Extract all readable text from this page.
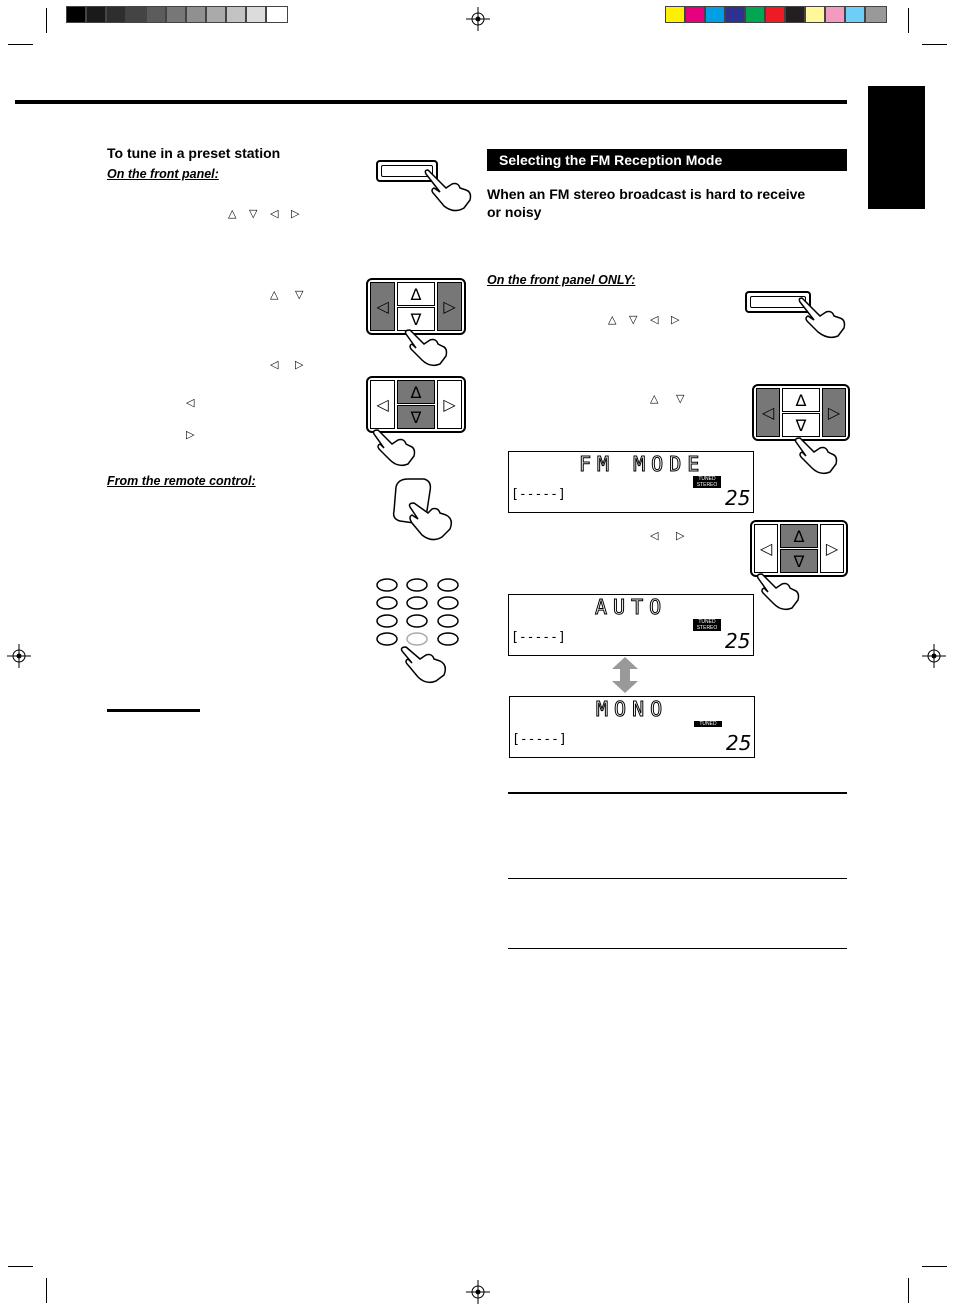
To tune in a preset station
On the front panel:
△ ▽ ◁ ▷
△ ▽
◁ ▷
◁
▷
From the remote control:
◁
∆
∇
▷
◁
∆
∇
▷
Selecting the FM Reception Mode
When an FM stereo broadcast is hard to receive or noisy
On the front panel ONLY:
△ ▽ ◁ ▷
△ ▽
◁ ▷
◁
∆
∇
▷
◁
∆
∇
▷
FM MODE
TUNED
STEREO
[-----]	25
AUTO
TUNED
STEREO
[-----]	25
MONO
TUNED
[-----]	25
